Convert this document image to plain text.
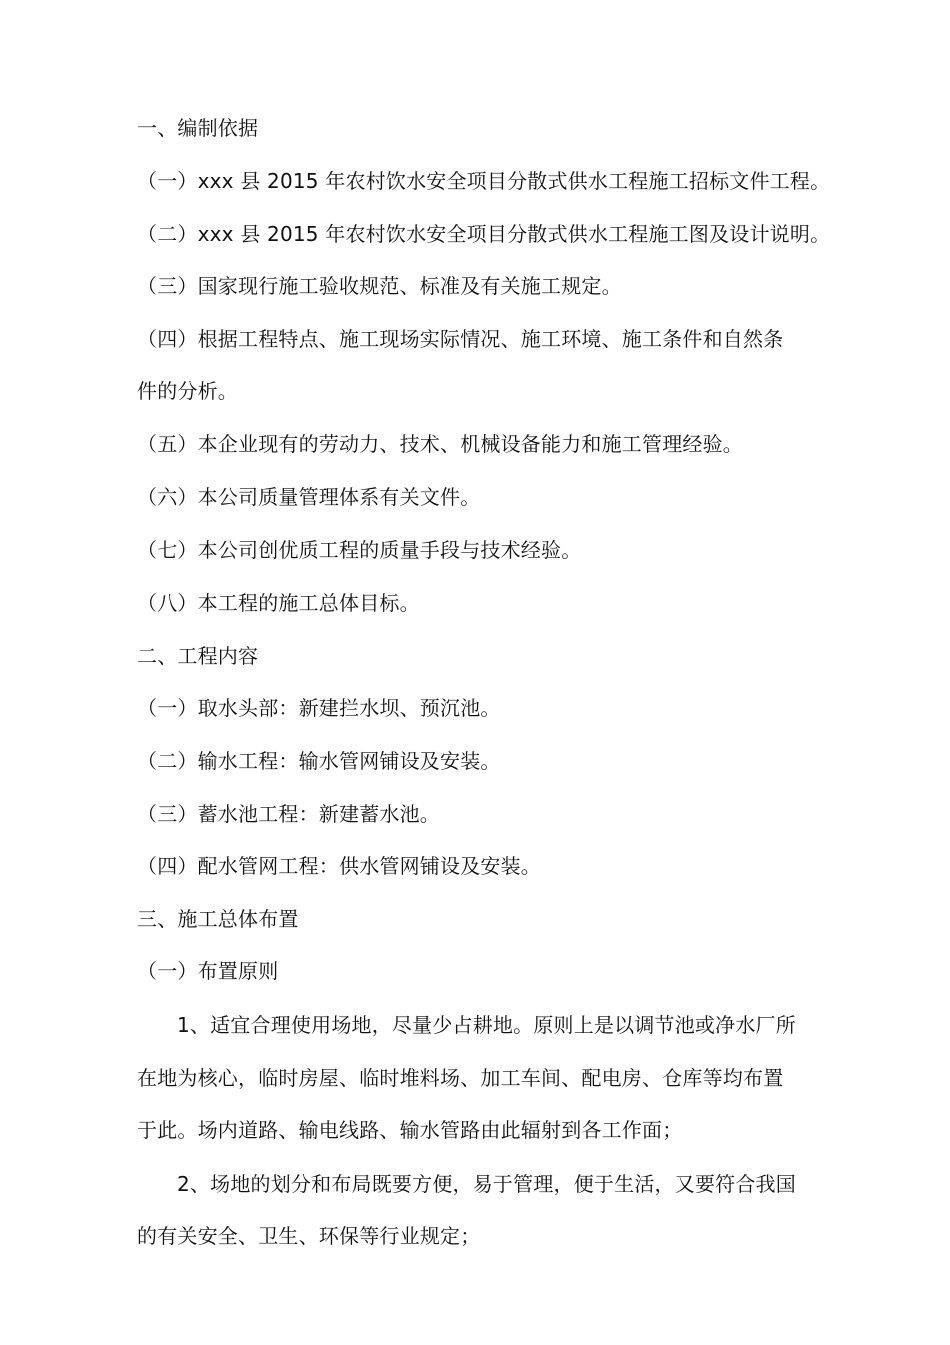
一、编制依据
（一）xxx 县 2015 年农村饮水安全项目分散式供水工程施工招标文件工程。
（二）xxx 县 2015 年农村饮水安全项目分散式供水工程施工图及设计说明。
（三）国家现行施工验收规范、标准及有关施工规定。
（四）根据工程特点、施工现场实际情况、施工环境、施工条件和自然条
件的分析。
（五）本企业现有的劳动力、技术、机械设备能力和施工管理经验。
（六）本公司质量管理体系有关文件。
（七）本公司创优质工程的质量手段与技术经验。
（八）本工程的施工总体目标。
二、工程内容
（一）取水头部：新建拦水坝、预沉池。
（二）输水工程：输水管网铺设及安装。
（三）蓄水池工程：新建蓄水池。
（四）配水管网工程：供水管网铺设及安装。
三、施工总体布置
（一）布置原则
1、适宜合理使用场地，尽量少占耕地。原则上是以调节池或净水厂所
在地为核心，临时房屋、临时堆料场、加工车间、配电房、仓库等均布置
于此。场内道路、输电线路、输水管路由此辐射到各工作面；
2、场地的划分和布局既要方便，易于管理，便于生活，又要符合我国
的有关安全、卫生、环保等行业规定；
